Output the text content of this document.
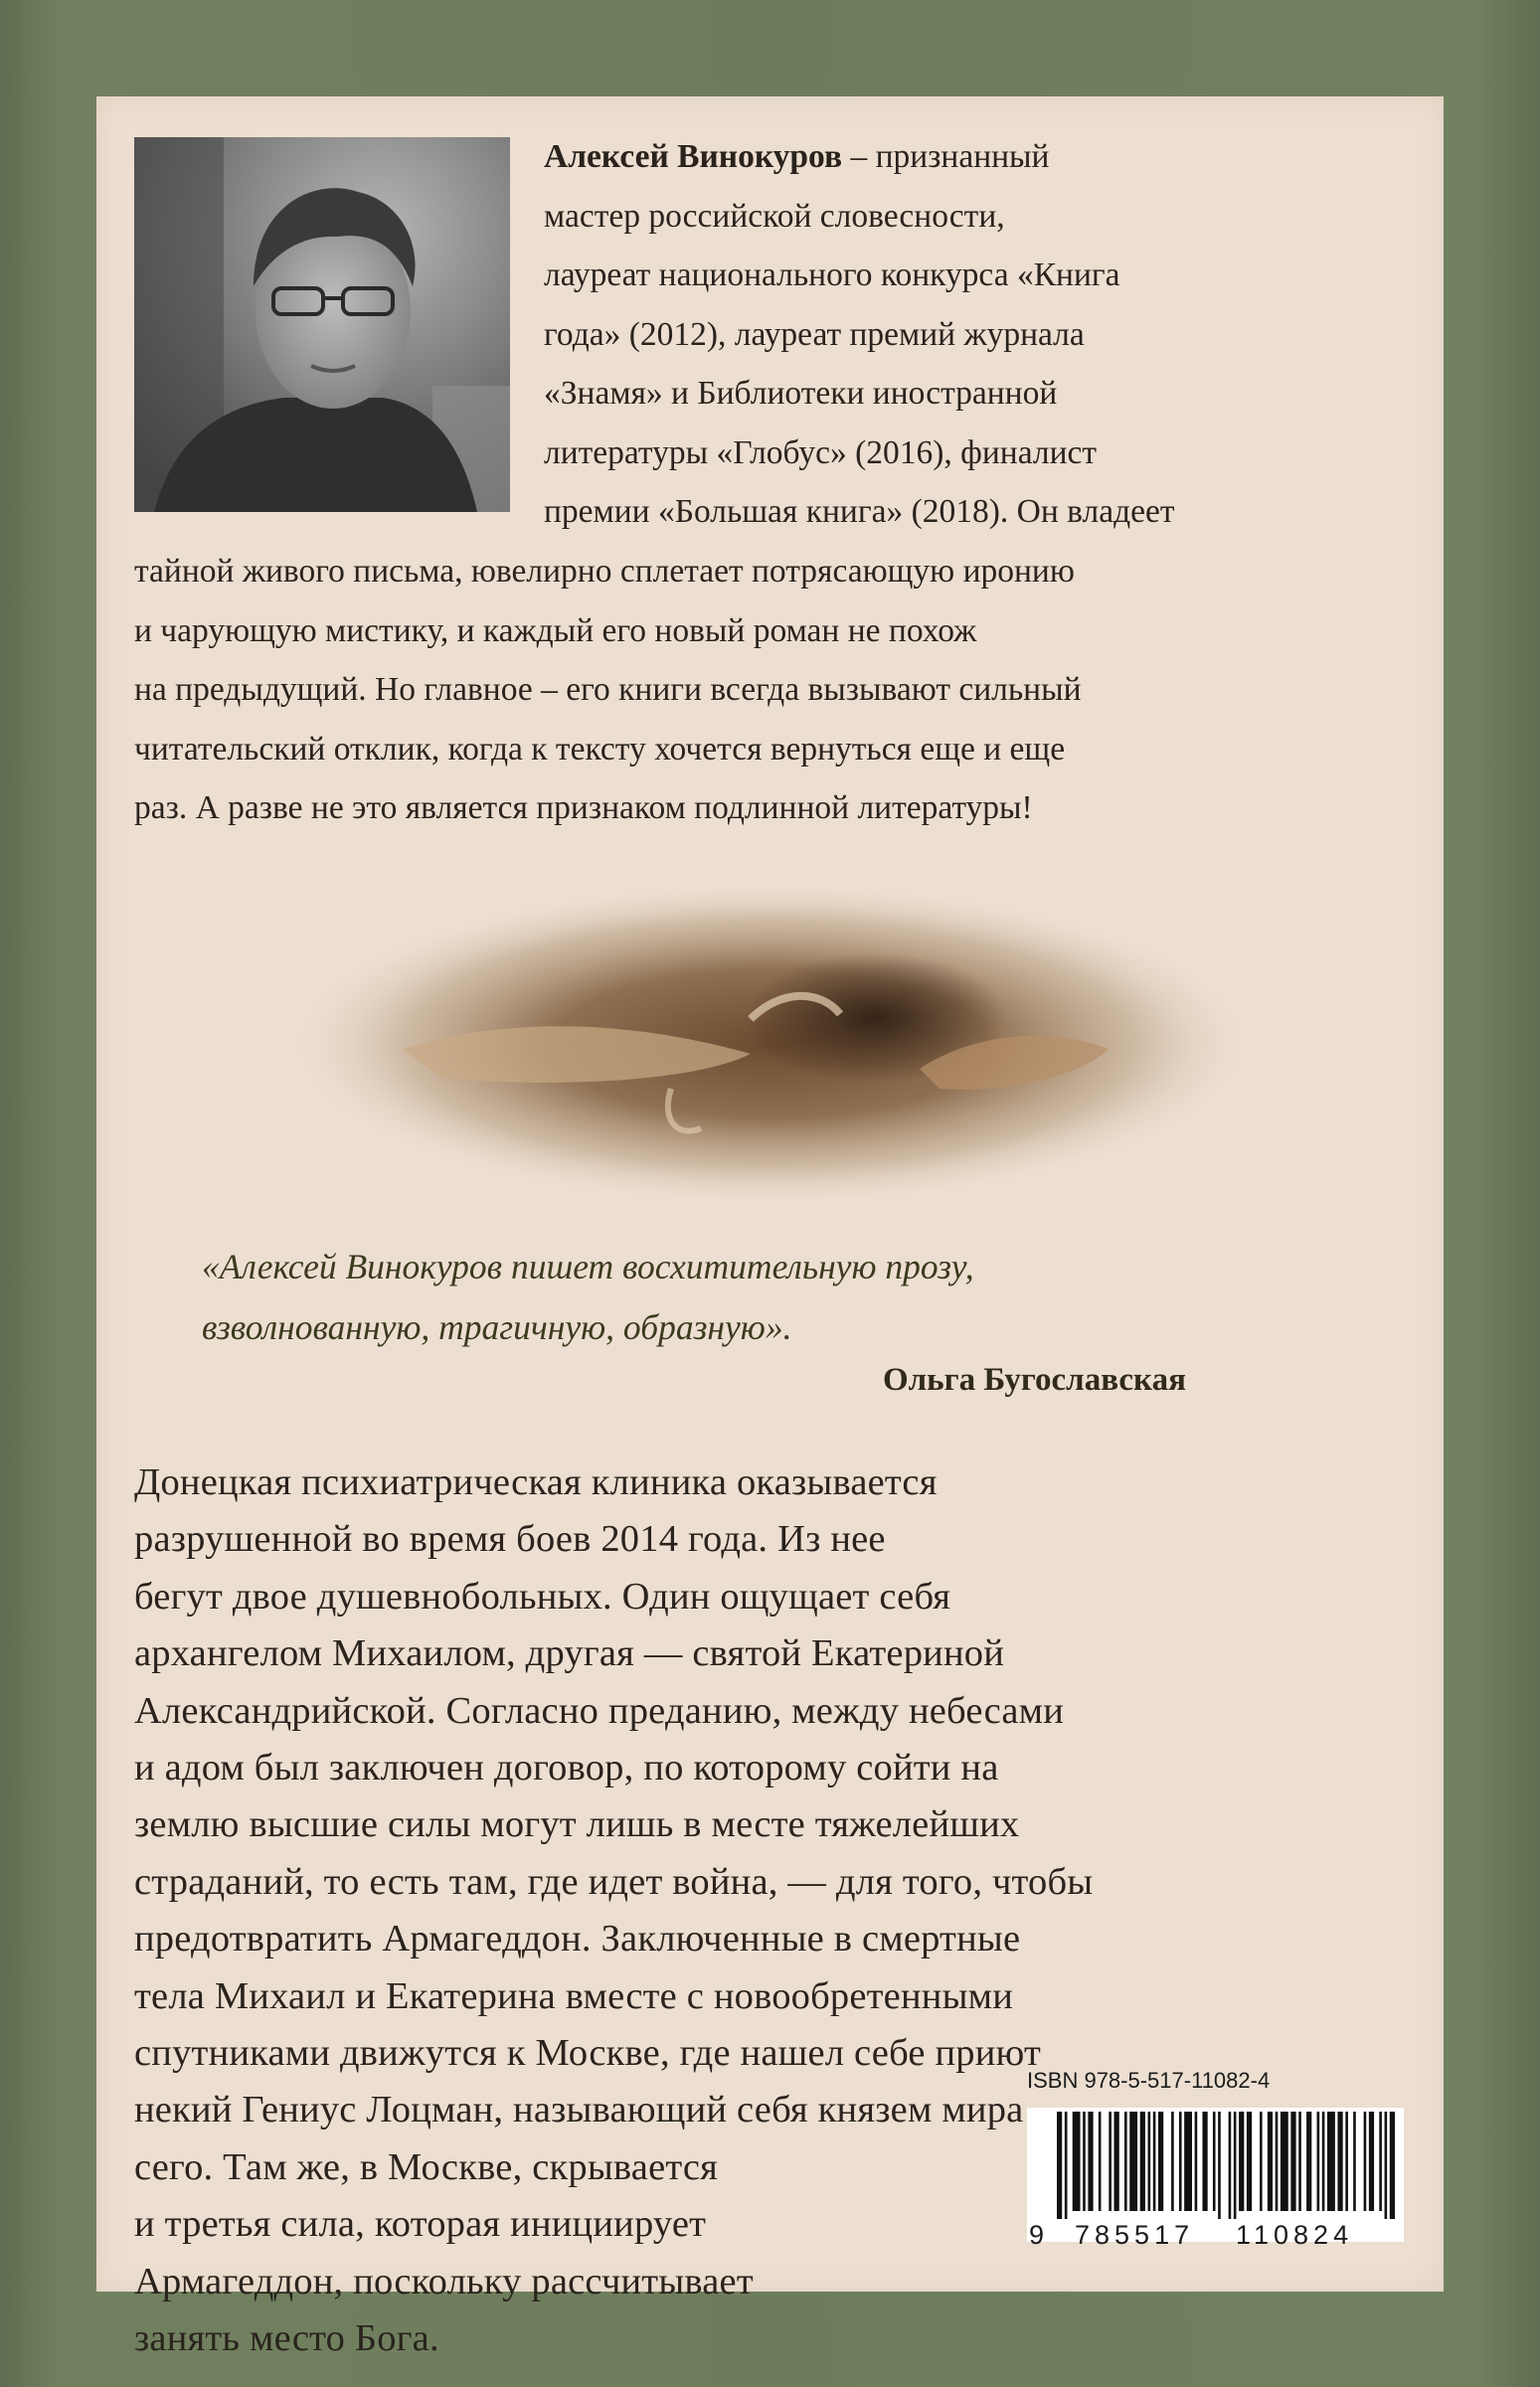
Алексей Винокуров – признанный
мастер российской словесности,
лауреат национального конкурса «Книга
года» (2012), лауреат премий журнала
«Знамя» и Библиотеки иностранной
литературы «Глобус» (2016), финалист
премии «Большая книга» (2018). Он владеет
тайной живого письма, ювелирно сплетает потрясающую иронию
и чарующую мистику, и каждый его новый роман не похож
на предыдущий. Но главное – его книги всегда вызывают сильный
читательский отклик, когда к тексту хочется вернуться еще и еще
раз. А разве не это является признаком подлинной литературы!
«Алексей Винокуров пишет восхитительную прозу,
взволнованную, трагичную, образную».
Ольга Бугославская
Донецкая психиатрическая клиника оказывается
разрушенной во время боев 2014 года. Из нее
бегут двое душевнобольных. Один ощущает себя
архангелом Михаилом, другая — святой Екатериной
Александрийской. Согласно преданию, между небесами
и адом был заключен договор, по которому сойти на
землю высшие силы могут лишь в месте тяжелейших
страданий, то есть там, где идет война, — для того, чтобы
предотвратить Армагеддон. Заключенные в смертные
тела Михаил и Екатерина вместе с новообретенными
спутниками движутся к Москве, где нашел себе приют
некий Гениус Лоцман, называющий себя князем мира
сего. Там же, в Москве, скрывается
и третья сила, которая инициирует
Армагеддон, поскольку рассчитывает
занять место Бога.
ISBN 978-5-517-11082-4
9 785517 110824
